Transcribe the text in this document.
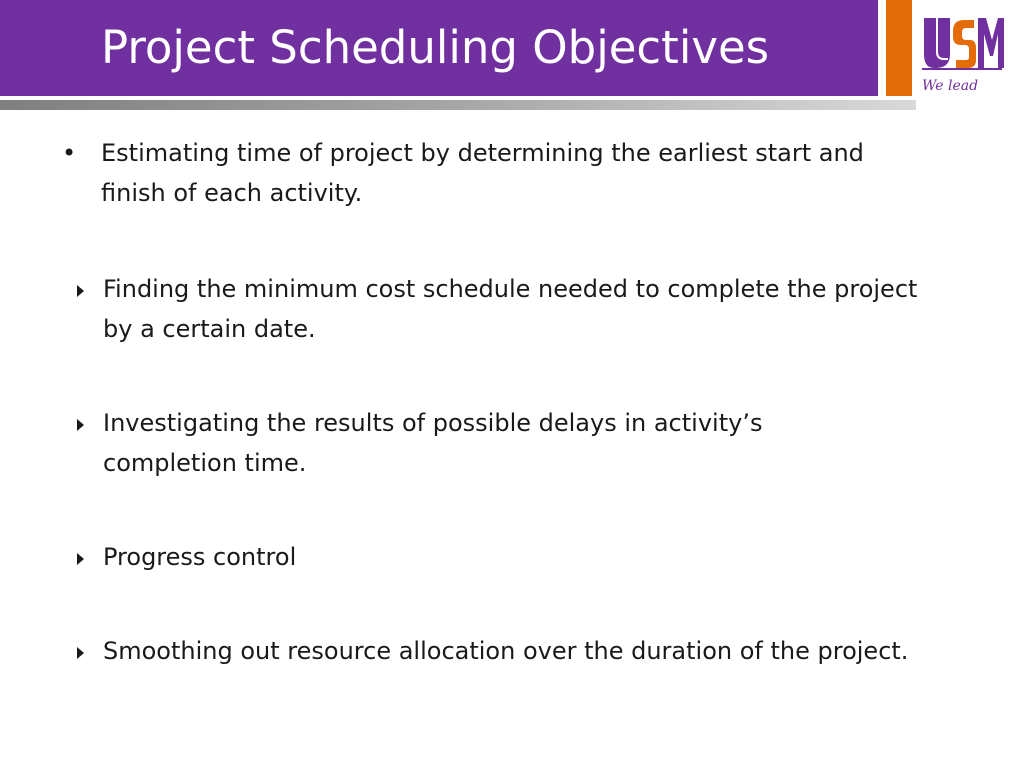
Project Scheduling Objectives
We lead
• Estimating time of project by determining the earliest start and finish of each activity.
Finding the minimum cost schedule needed to complete the project by a certain date.
Investigating the results of possible delays in activity’s completion time.
Progress control
Smoothing out resource allocation over the duration of the project.
